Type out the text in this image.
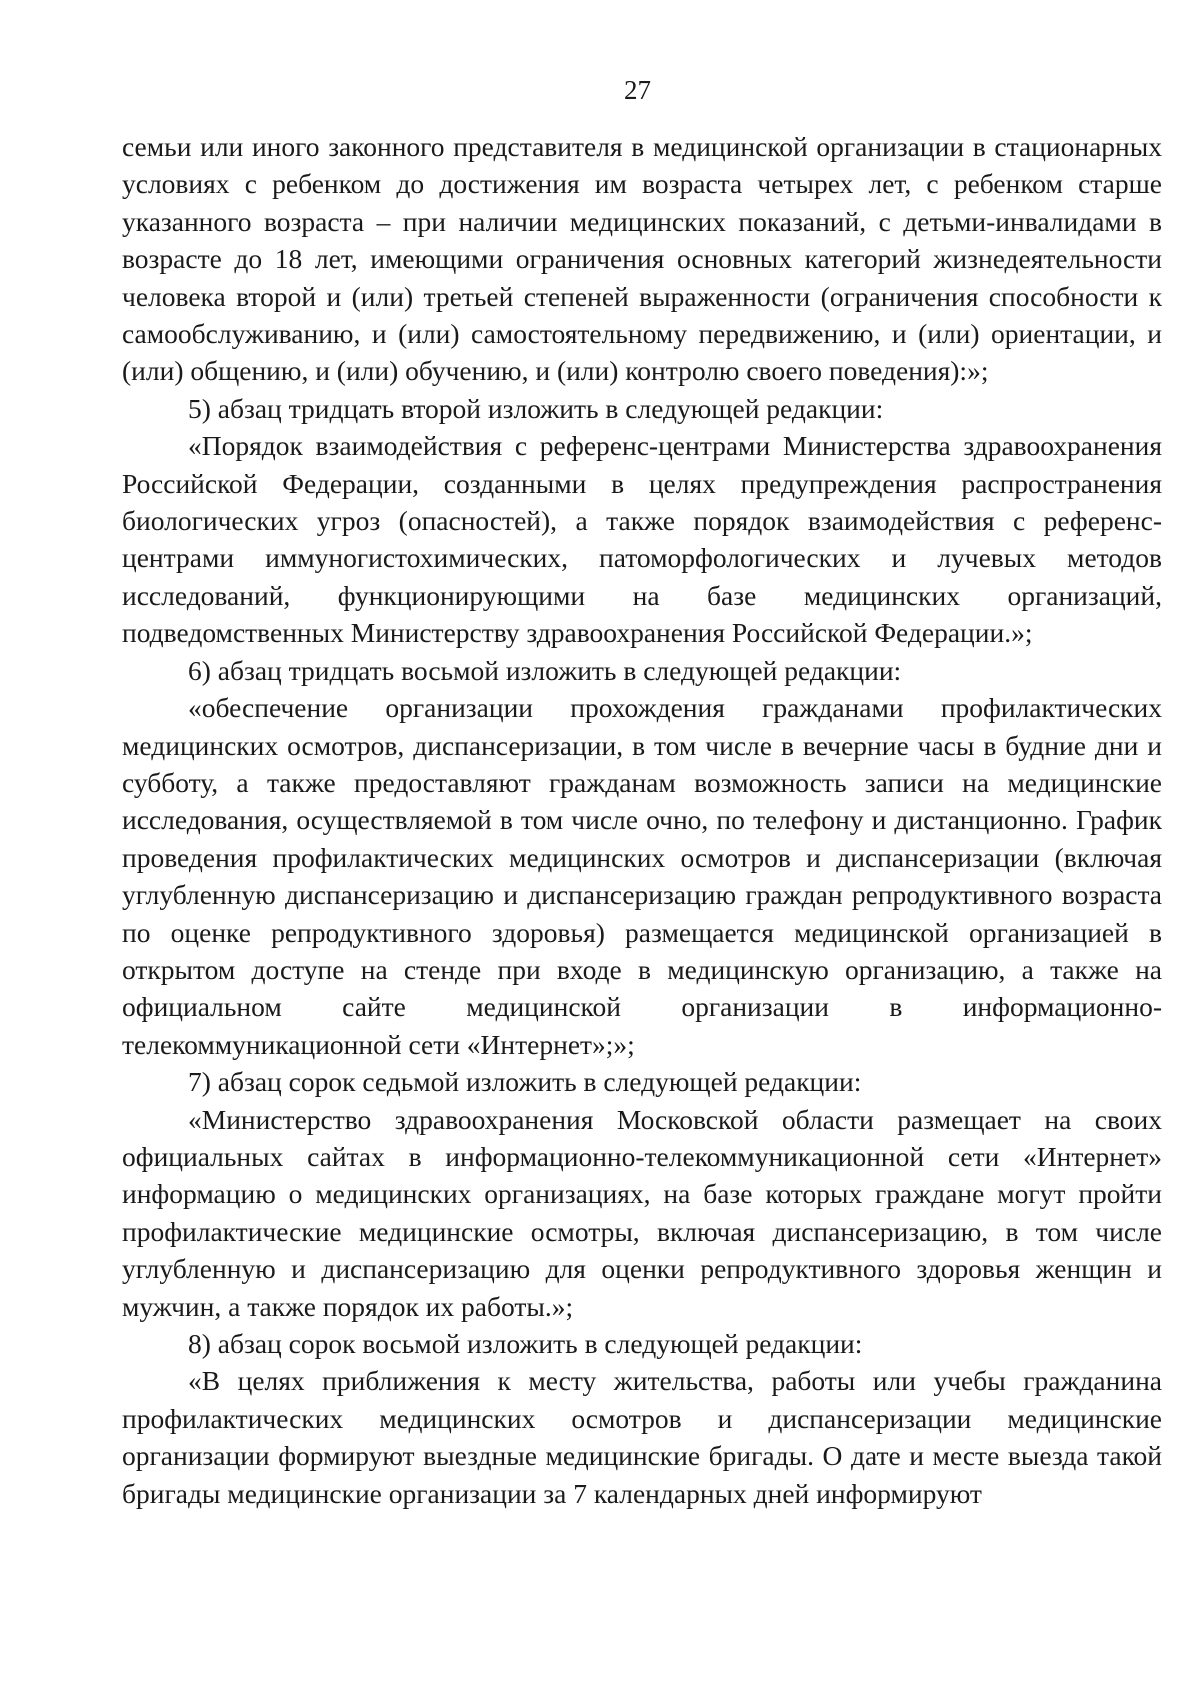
27

семьи или иного законного представителя в медицинской организации в стационарных условиях с ребенком до достижения им возраста четырех лет, с ребенком старше указанного возраста – при наличии медицинских показаний, с детьми-инвалидами в возрасте до 18 лет, имеющими ограничения основных категорий жизнедеятельности человека второй и (или) третьей степеней выраженности (ограничения способности к самообслуживанию, и (или) самостоятельному передвижению, и (или) ориентации, и (или) общению, и (или) обучению, и (или) контролю своего поведения):»;

5) абзац тридцать второй изложить в следующей редакции:

«Порядок взаимодействия с референс-центрами Министерства здравоохранения Российской Федерации, созданными в целях предупреждения распространения биологических угроз (опасностей), а также порядок взаимодействия с референс-центрами иммуногистохимических, патоморфологических и лучевых методов исследований, функционирующими на базе медицинских организаций, подведомственных Министерству здравоохранения Российской Федерации.»;

6) абзац тридцать восьмой изложить в следующей редакции:

«обеспечение организации прохождения гражданами профилактических медицинских осмотров, диспансеризации, в том числе в вечерние часы в будние дни и субботу, а также предоставляют гражданам возможность записи на медицинские исследования, осуществляемой в том числе очно, по телефону и дистанционно. График проведения профилактических медицинских осмотров и диспансеризации (включая углубленную диспансеризацию и диспансеризацию граждан репродуктивного возраста по оценке репродуктивного здоровья) размещается медицинской организацией в открытом доступе на стенде при входе в медицинскую организацию, а также на официальном сайте медицинской организации в информационно-телекоммуникационной сети «Интернет»;»;

7) абзац сорок седьмой изложить в следующей редакции:

«Министерство здравоохранения Московской области размещает на своих официальных сайтах в информационно-телекоммуникационной сети «Интернет» информацию о медицинских организациях, на базе которых граждане могут пройти профилактические медицинские осмотры, включая диспансеризацию, в том числе углубленную и диспансеризацию для оценки репродуктивного здоровья женщин и мужчин, а также порядок их работы.»;

8) абзац сорок восьмой изложить в следующей редакции:

«В целях приближения к месту жительства, работы или учебы гражданина профилактических медицинских осмотров и диспансеризации медицинские организации формируют выездные медицинские бригады. О дате и месте выезда такой бригады медицинские организации за 7 календарных дней информируют
